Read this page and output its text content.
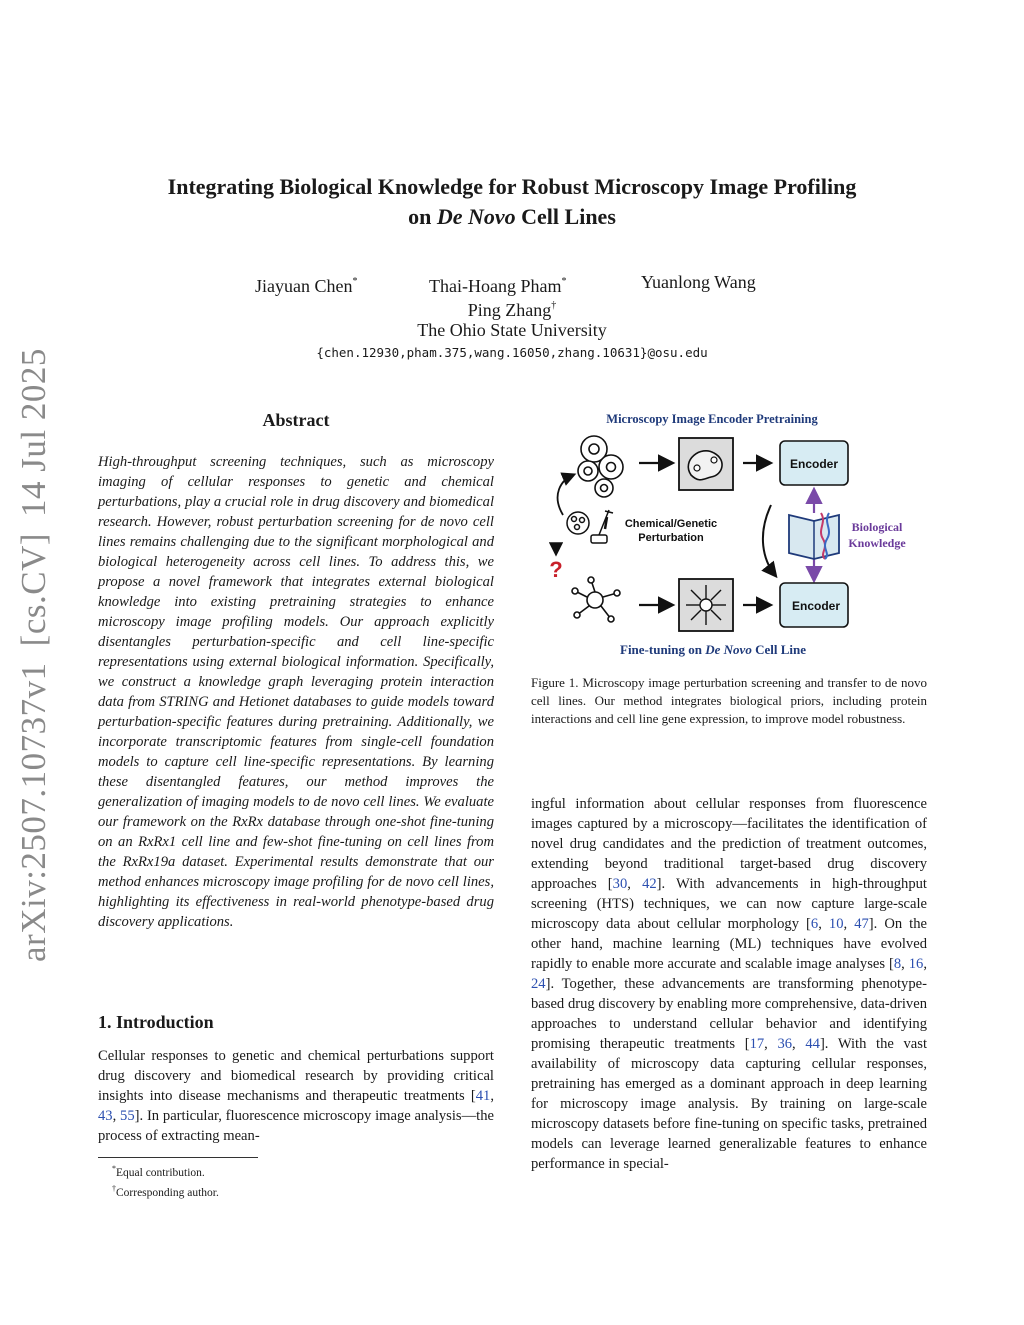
arXiv:2507.10737v1[cs.CV]14 Jul 2025
Integrating Biological Knowledge for Robust Microscopy Image Profiling
on De Novo Cell Lines
Jiayuan Chen*	Thai-Hoang Pham*	Yuanlong Wang
Ping Zhang†
The Ohio State University
{chen.12930,pham.375,wang.16050,zhang.10631}@osu.edu
Abstract
High-throughput screening techniques, such as microscopy imaging of cellular responses to genetic and chemical perturbations, play a crucial role in drug discovery and biomedical research. However, robust perturbation screening for de novo cell lines remains challenging due to the significant morphological and biological heterogeneity across cell lines. To address this, we propose a novel framework that integrates external biological knowledge into existing pretraining strategies to enhance microscopy image profiling models. Our approach explicitly disentangles perturbation-specific and cell line-specific representations using external biological information. Specifically, we construct a knowledge graph leveraging protein interaction data from STRING and Hetionet databases to guide models toward perturbation-specific features during pretraining. Additionally, we incorporate transcriptomic features from single-cell foundation models to capture cell line-specific representations. By learning these disentangled features, our method improves the generalization of imaging models to de novo cell lines. We evaluate our framework on the RxRx database through one-shot fine-tuning on an RxRx1 cell line and few-shot fine-tuning on cell lines from the RxRx19a dataset. Experimental results demonstrate that our method enhances microscopy image profiling for de novo cell lines, highlighting its effectiveness in real-world phenotype-based drug discovery applications.
1. Introduction
Cellular responses to genetic and chemical perturbations support drug discovery and biomedical research by providing critical insights into disease mechanisms and therapeutic treatments [41, 43, 55]. In particular, fluorescence microscopy image analysis—the process of extracting mean-
*Equal contribution.
†Corresponding author.
Microscopy Image Encoder Pretraining
Encoder
Chemical/Genetic
Perturbation
?
Biological
Knowledge
Encoder
Fine-tuning on De Novo Cell Line
Figure 1. Microscopy image perturbation screening and transfer to de novo cell lines. Our method integrates biological priors, including protein interactions and cell line gene expression, to improve model robustness.
ingful information about cellular responses from fluorescence images captured by a microscopy—facilitates the identification of novel drug candidates and the prediction of treatment outcomes, extending beyond traditional target-based drug discovery approaches [30, 42]. With advancements in high-throughput screening (HTS) techniques, we can now capture large-scale microscopy data about cellular morphology [6, 10, 47]. On the other hand, machine learning (ML) techniques have evolved rapidly to enable more accurate and scalable image analyses [8, 16, 24]. Together, these advancements are transforming phenotype-based drug discovery by enabling more comprehensive, data-driven approaches to understand cellular behavior and identifying promising therapeutic treatments [17, 36, 44]. With the vast availability of microscopy data capturing cellular responses, pretraining has emerged as a dominant approach in deep learning for microscopy image analysis. By training on large-scale microscopy datasets before fine-tuning on specific tasks, pretrained models can leverage learned generalizable features to enhance performance in special-
